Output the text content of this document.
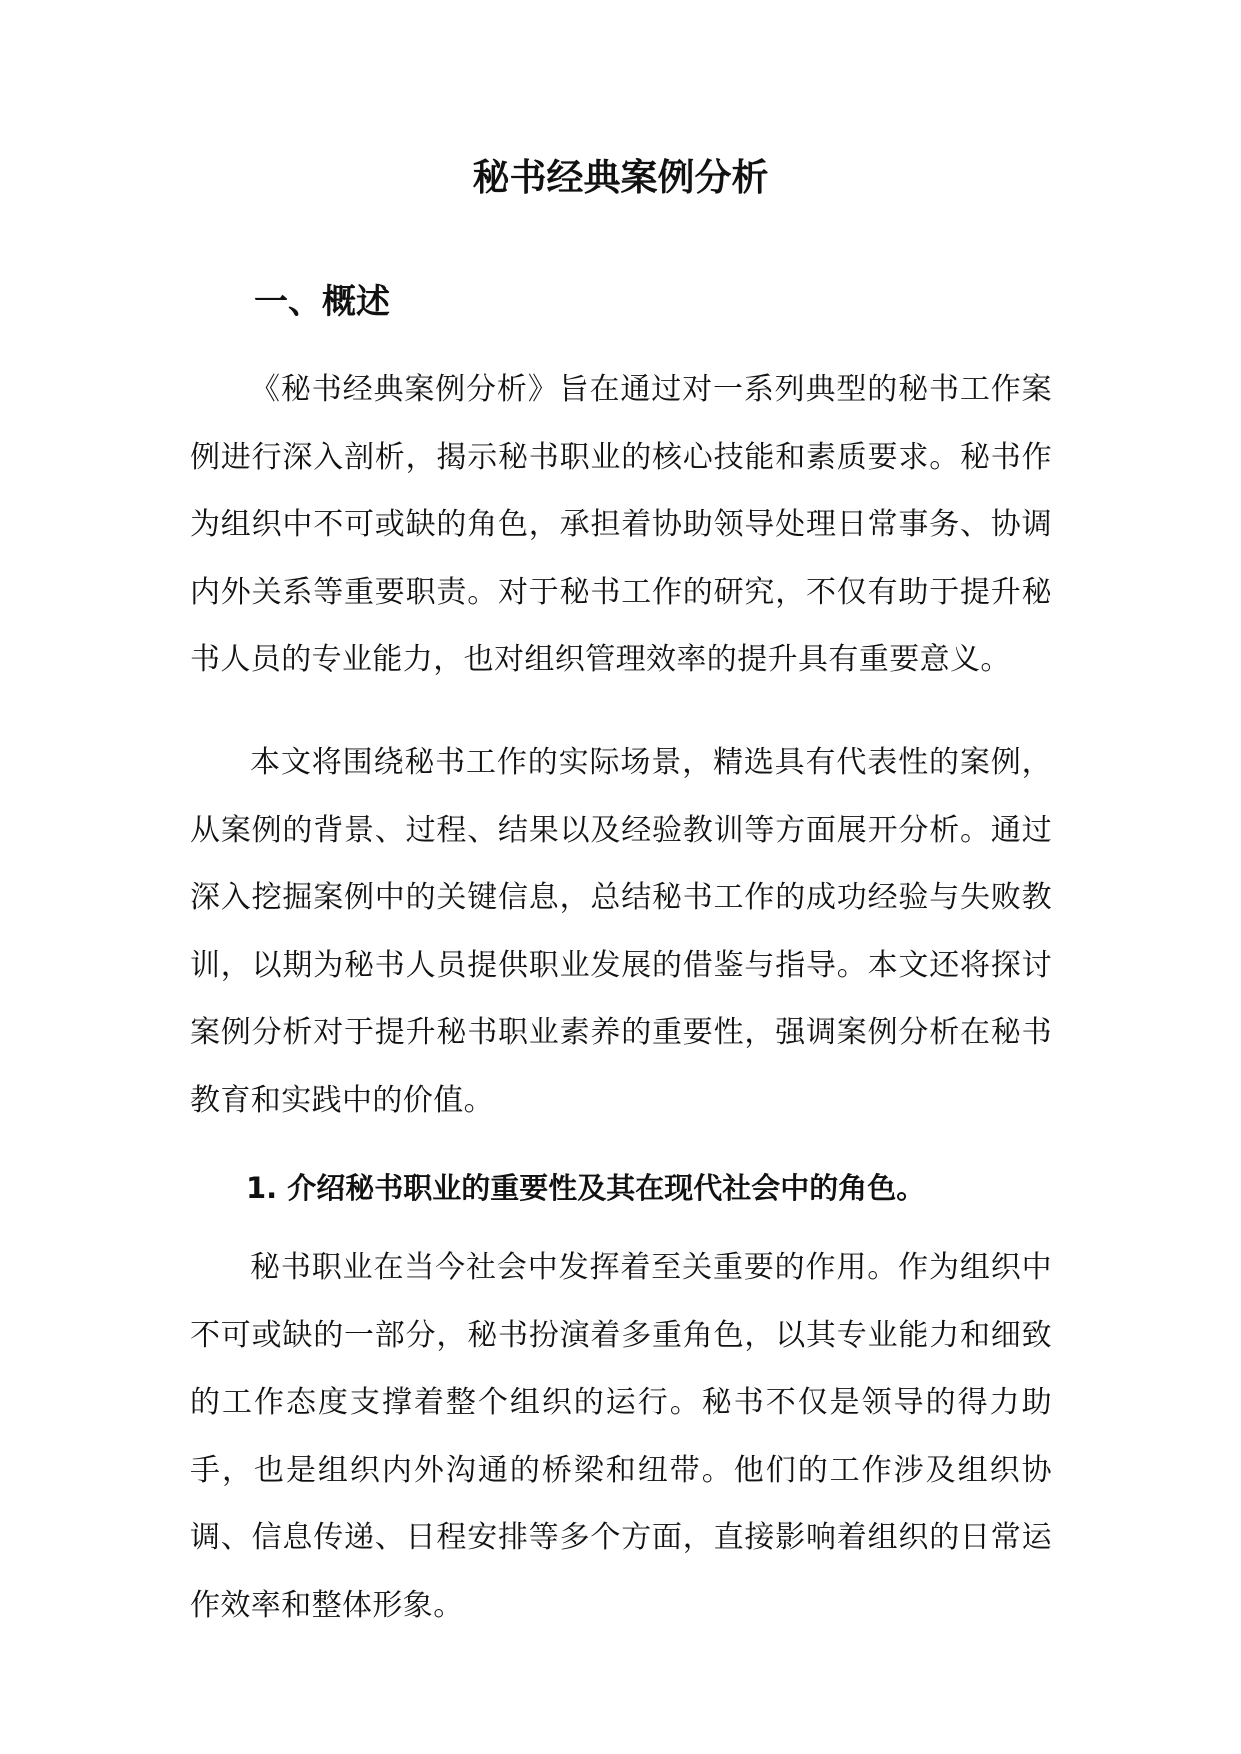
秘书经典案例分析
一、概述

《秘书经典案例分析》旨在通过对一系列典型的秘书工作案例进行深入剖析，揭示秘书职业的核心技能和素质要求。秘书作为组织中不可或缺的角色，承担着协助领导处理日常事务、协调内外关系等重要职责。对于秘书工作的研究，不仅有助于提升秘书人员的专业能力，也对组织管理效率的提升具有重要意义。

本文将围绕秘书工作的实际场景，精选具有代表性的案例，从案例的背景、过程、结果以及经验教训等方面展开分析。通过深入挖掘案例中的关键信息，总结秘书工作的成功经验与失败教训，以期为秘书人员提供职业发展的借鉴与指导。本文还将探讨案例分析对于提升秘书职业素养的重要性，强调案例分析在秘书教育和实践中的价值。

1. 介绍秘书职业的重要性及其在现代社会中的角色。

秘书职业在当今社会中发挥着至关重要的作用。作为组织中不可或缺的一部分，秘书扮演着多重角色，以其专业能力和细致的工作态度支撑着整个组织的运行。秘书不仅是领导的得力助手，也是组织内外沟通的桥梁和纽带。他们的工作涉及组织协调、信息传递、日程安排等多个方面，直接影响着组织的日常运作效率和整体形象。
